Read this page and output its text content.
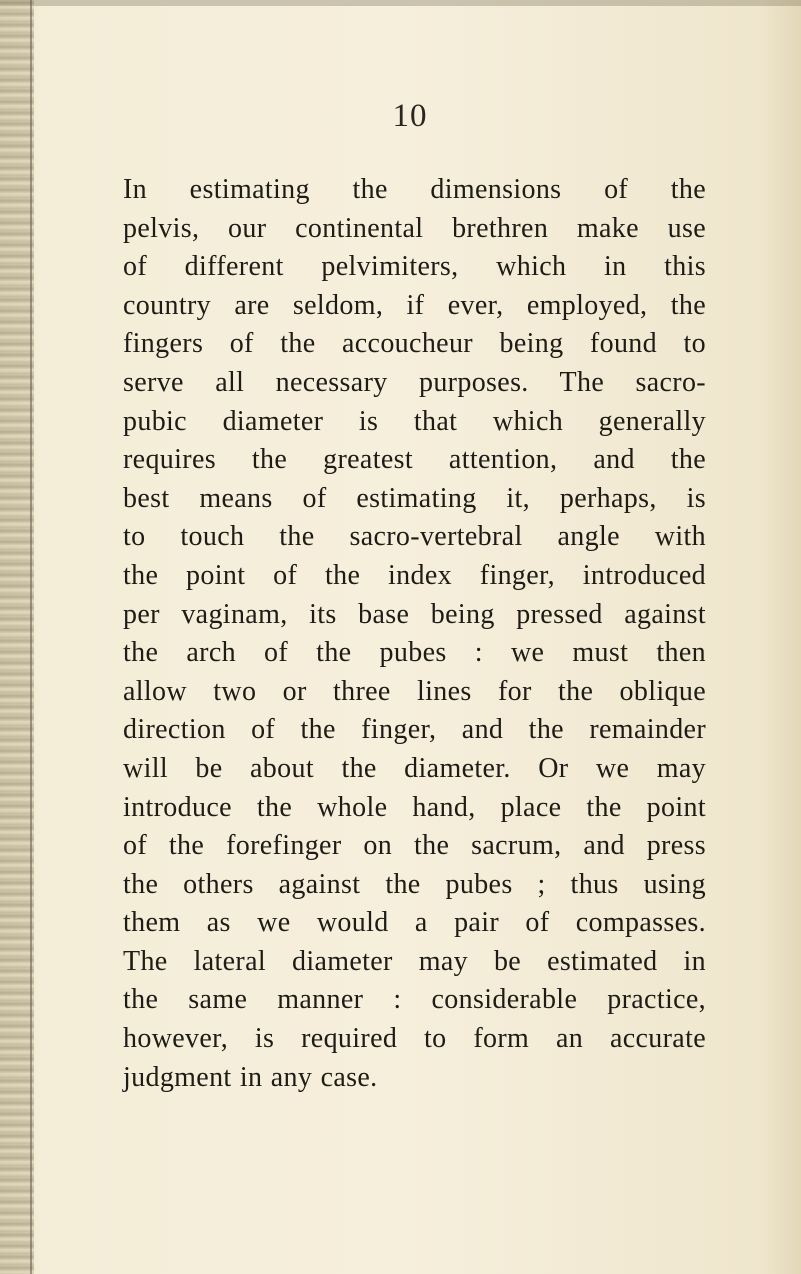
10
In estimating the dimensions of the
pelvis, our continental brethren make use
of different pelvimiters, which in this
country are seldom, if ever, employed, the
fingers of the accoucheur being found to
serve all necessary purposes. The sacro-
pubic diameter is that which generally
requires the greatest attention, and the
best means of estimating it, perhaps, is
to touch the sacro-vertebral angle with
the point of the index finger, introduced
per vaginam, its base being pressed against
the arch of the pubes : we must then
allow two or three lines for the oblique
direction of the finger, and the remainder
will be about the diameter. Or we may
introduce the whole hand, place the point
of the forefinger on the sacrum, and press
the others against the pubes ; thus using
them as we would a pair of compasses.
The lateral diameter may be estimated in
the same manner : considerable practice,
however, is required to form an accurate
judgment in any case.
